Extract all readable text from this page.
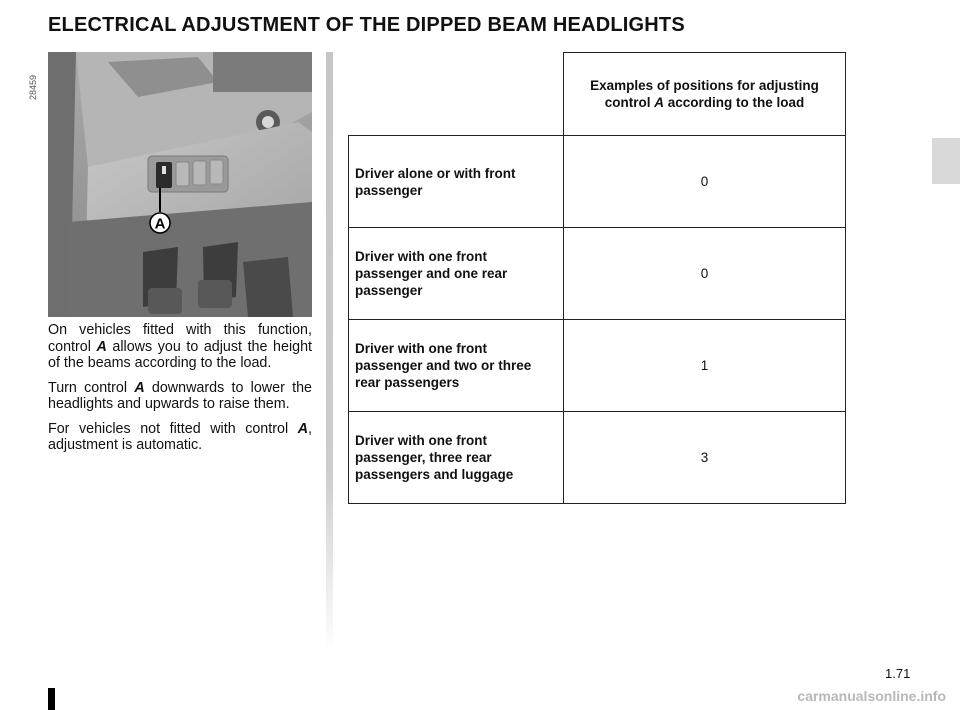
ELECTRICAL ADJUSTMENT OF THE DIPPED BEAM HEADLIGHTS
28459
A

On vehicles fitted with this function, control A allows you to adjust the height of the beams according to the load.

Turn control A downwards to lower the headlights and upwards to raise them.

For vehicles not fitted with control A, adjustment is automatic.

	Examples of positions for adjusting control A according to the load
Driver alone or with front passenger	0
Driver with one front passenger and one rear passenger	0
Driver with one front passenger and two or three rear passengers	1
Driver with one front passenger, three rear passengers and luggage	3
1.71
carmanualsonline.info
